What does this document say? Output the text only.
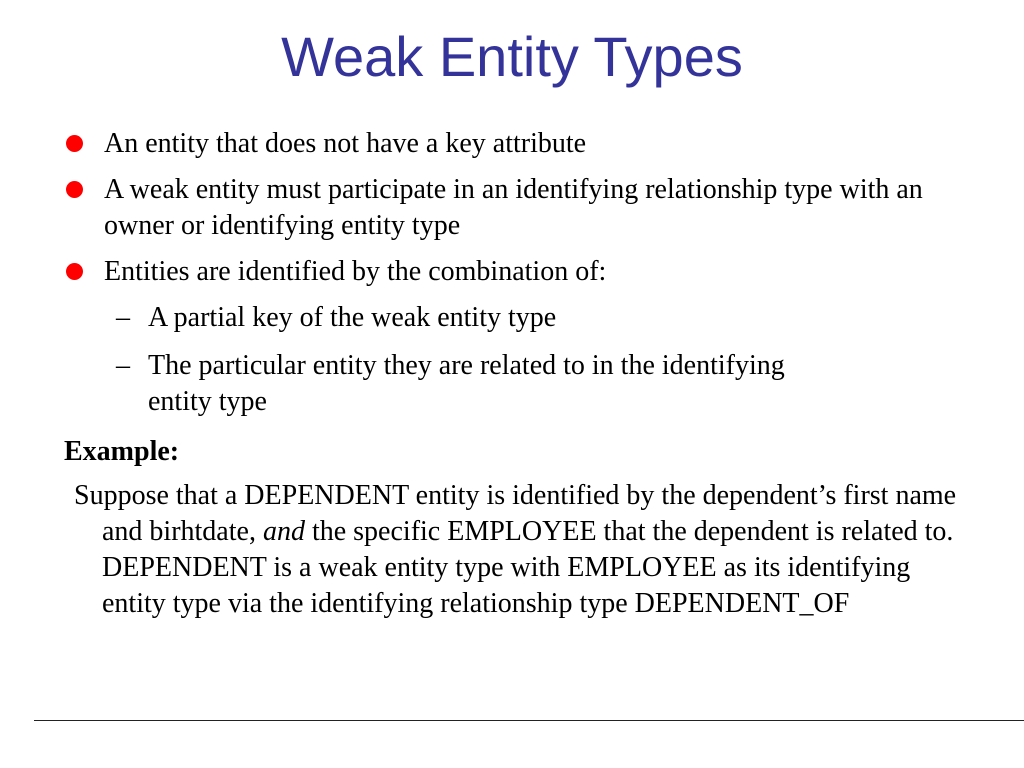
Weak Entity Types
An entity that does not have a key attribute
A weak entity must participate in an identifying relationship type with an owner or identifying entity type
Entities are identified by the combination of:
– A partial key of the weak entity type
– The particular entity they are related to in the identifying entity type
Example:
Suppose that a DEPENDENT entity is identified by the dependent’s first name and birhtdate, and the specific EMPLOYEE that the dependent is related to. DEPENDENT is a weak entity type with EMPLOYEE as its identifying entity type via the identifying relationship type DEPENDENT_OF
